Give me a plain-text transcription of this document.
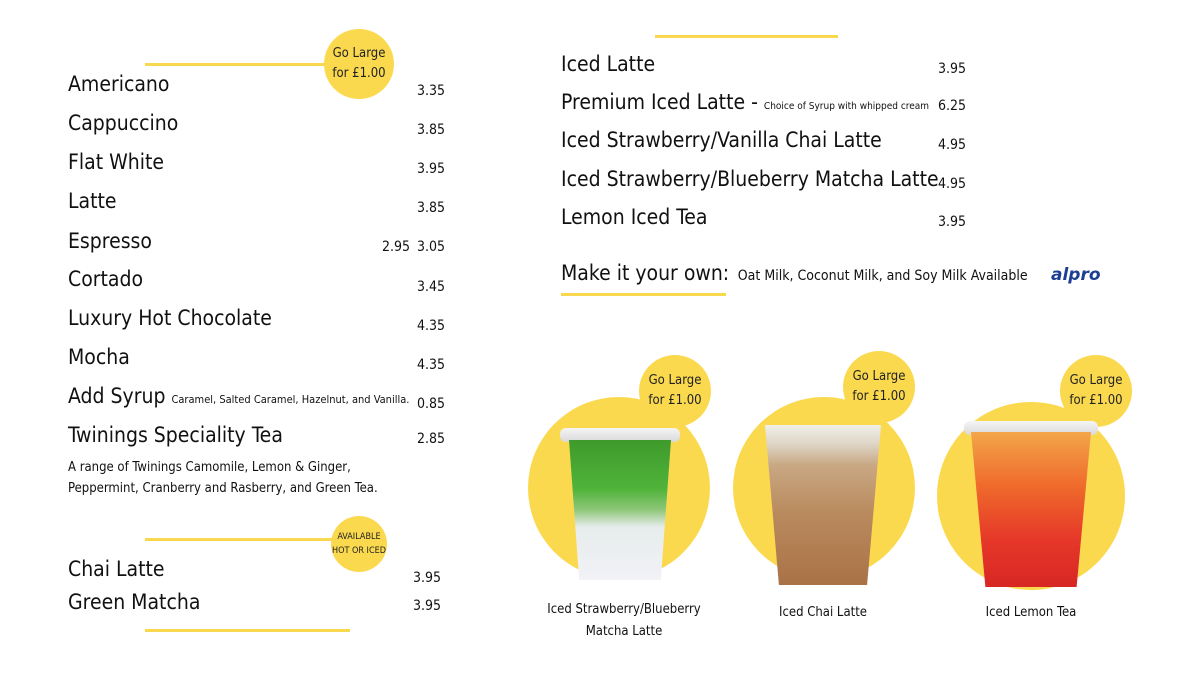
Go Large
for £1.00
Americano	3.35
Cappuccino	3.85
Flat White	3.95
Latte	3.85
Espresso	2.95 3.05
Cortado	3.45
Luxury Hot Chocolate	4.35
Mocha	4.35
Add Syrup Caramel, Salted Caramel, Hazelnut, and Vanilla. 0.85
Twinings Speciality Tea	2.85
A range of Twinings Camomile, Lemon & Ginger,
Peppermint, Cranberry and Rasberry, and Green Tea.
AVAILABLE
HOT OR ICED
Chai Latte	3.95
Green Matcha	3.95
Iced Latte	3.95
Premium Iced Latte - Choice of Syrup with whipped cream 6.25
Iced Strawberry/Vanilla Chai Latte	4.95
Iced Strawberry/Blueberry Matcha Latte 4.95
Lemon Iced Tea	3.95
Make it your own: Oat Milk, Coconut Milk, and Soy Milk Available alpro
Go Large
for £1.00
Iced Strawberry/Blueberry
Matcha Latte
Go Large
for £1.00
Iced Chai Latte
Go Large
for £1.00
Iced Lemon Tea
